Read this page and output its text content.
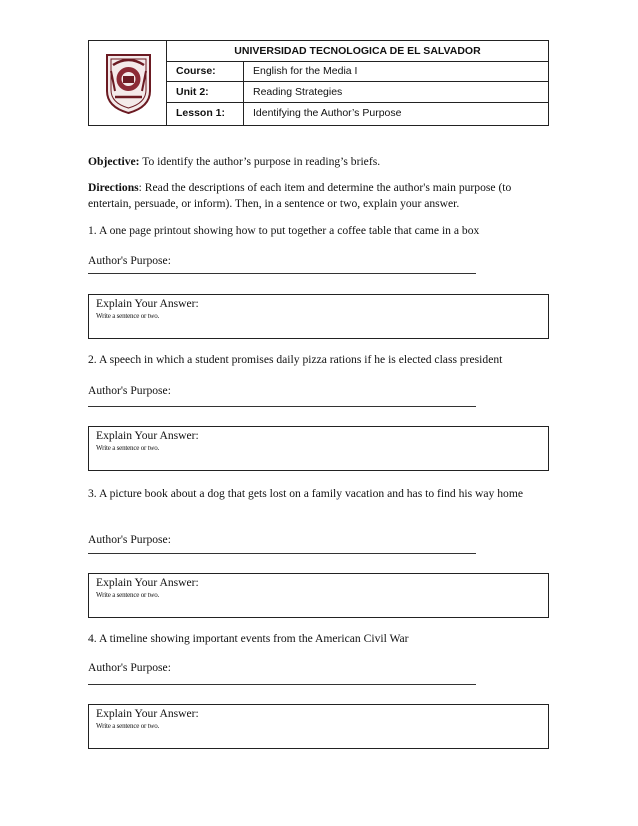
UNIVERSIDAD TECNOLOGICA DE EL SALVADOR
Course:	English for the Media I
Unit 2:	Reading Strategies
Lesson 1:	Identifying the Author’s Purpose
Objective: To identify the author’s purpose in reading’s briefs.
Directions: Read the descriptions of each item and determine the author's main purpose (to entertain, persuade, or inform). Then, in a sentence or two, explain your answer.
1. A one page printout showing how to put together a coffee table that came in a box
Author's Purpose:
Explain Your Answer:
Write a sentence or two.
2. A speech in which a student promises daily pizza rations if he is elected class president
Author's Purpose:
Explain Your Answer:
Write a sentence or two.
3. A picture book about a dog that gets lost on a family vacation and has to find his way home
Author's Purpose:
Explain Your Answer:
Write a sentence or two.
4. A timeline showing important events from the American Civil War
Author's Purpose:
Explain Your Answer:
Write a sentence or two.
